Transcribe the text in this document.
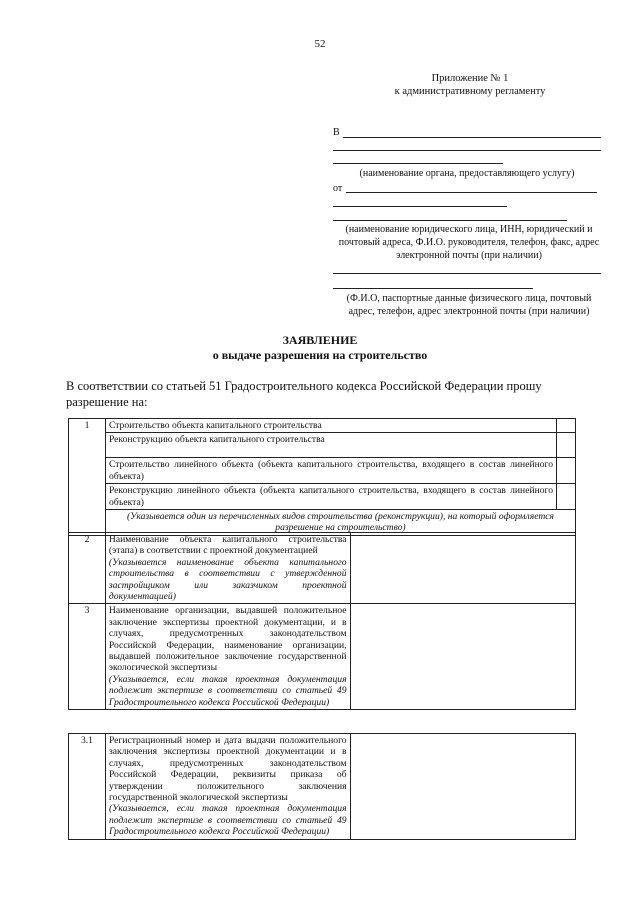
52
Приложение № 1
к административному регламенту
В
(наименование органа, предоставляющего услугу)
от
(наименование юридического лица, ИНН, юридический и почтовый адреса, Ф.И.О. руководителя, телефон, факс, адрес электронной почты (при наличии)
(Ф.И.О, паспортные данные физического лица, почтовый адрес, телефон, адрес электронной почты (при наличии)
ЗАЯВЛЕНИЕ
о выдаче разрешения на строительство
В соответствии со статьей 51 Градостроительного кодекса Российской Федерации прошу разрешение на:
1	Строительство объекта капитального строительства	
	Реконструкцию объекта капитального строительства	
	Строительство линейного объекта (объекта капитального строительства, входящего в состав линейного объекта)	
	Реконструкцию линейного объекта (объекта капитального строительства, входящего в состав линейного объекта)	
	(Указывается один из перечисленных видов строительства (реконструкции), на который оформляется разрешение на строительство)	
2	Наименование объекта капитального строительства (этапа) в соответствии с проектной документацией
(Указывается наименование объекта капитального строительства в соответствии с утвержденной застройщиком или заказчиком проектной документацией)	

3	Наименование организации, выдавшей положительное заключение экспертизы проектной документации, и в случаях, предусмотренных законодательством Российской Федерации, наименование организации, выдавшей положительное заключение государственной экологической экспертизы
(Указывается, если такая проектная документация подлежит экспертизе в соответствии со статьей 49 Градостроительного кодекса Российской Федерации)	

3.1	Регистрационный номер и дата выдачи положительного заключения экспертизы проектной документации и в случаях, предусмотренных законодательством Российской Федерации, реквизиты приказа об утверждении положительного заключения государственной экологической экспертизы
(Указывается, если такая проектная документация подлежит экспертизе в соответствии со статьей 49 Градостроительного кодекса Российской Федерации)
